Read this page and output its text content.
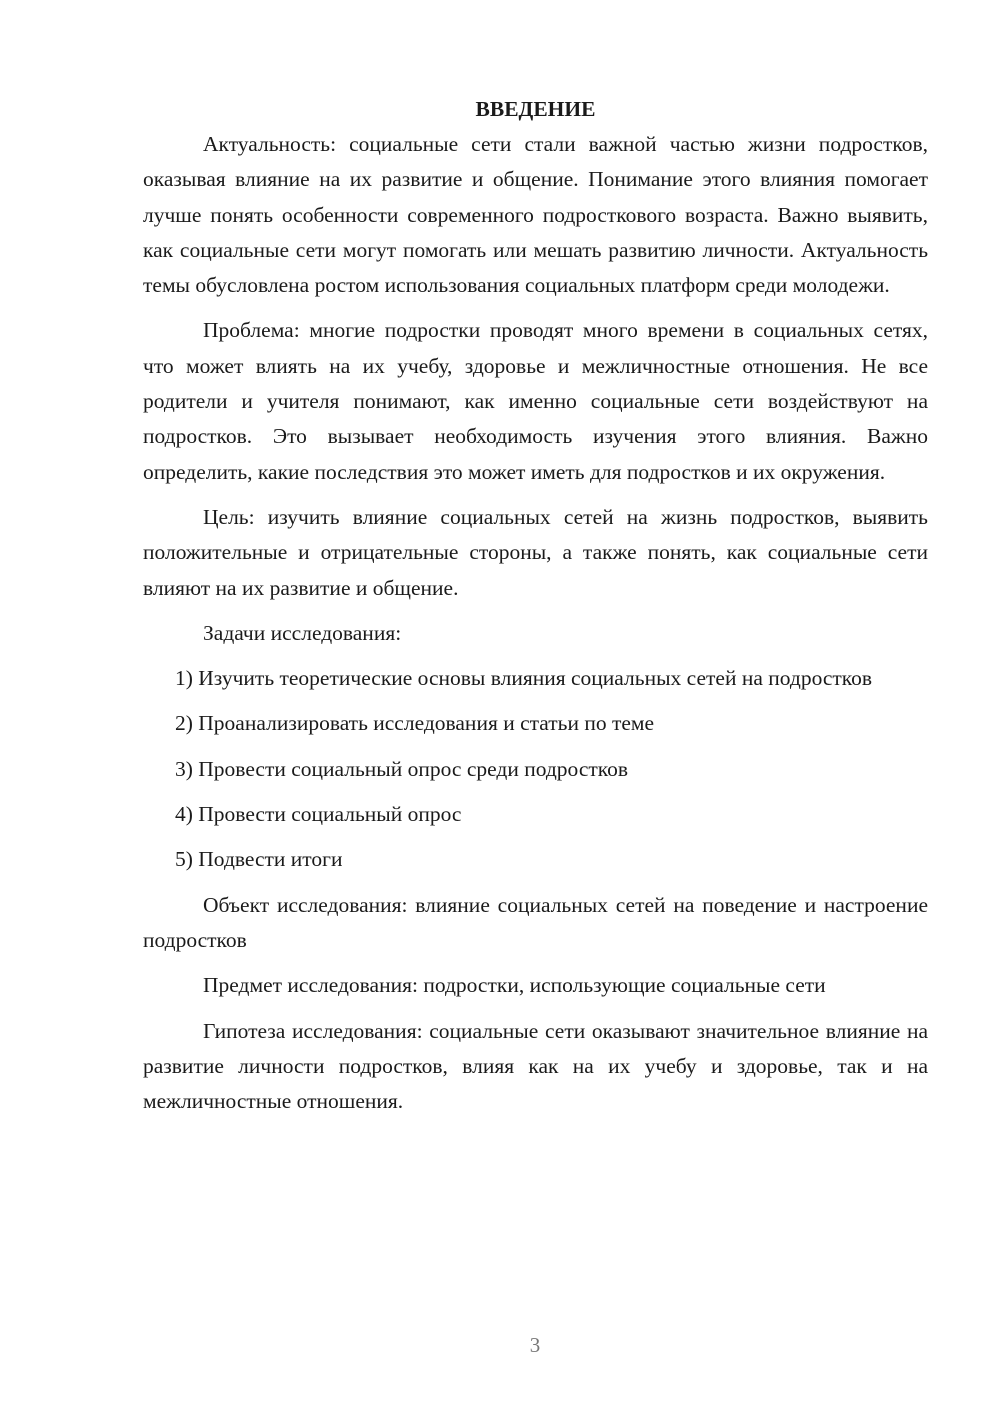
ВВЕДЕНИЕ

Актуальность: социальные сети стали важной частью жизни подростков, оказывая влияние на их развитие и общение. Понимание этого влияния помогает лучше понять особенности современного подросткового возраста. Важно выявить, как социальные сети могут помогать или мешать развитию личности. Актуальность темы обусловлена ростом использования социальных платформ среди молодежи.

Проблема: многие подростки проводят много времени в социальных сетях, что может влиять на их учебу, здоровье и межличностные отношения. Не все родители и учителя понимают, как именно социальные сети воздействуют на подростков. Это вызывает необходимость изучения этого влияния. Важно определить, какие последствия это может иметь для подростков и их окружения.

Цель: изучить влияние социальных сетей на жизнь подростков, выявить положительные и отрицательные стороны, а также понять, как социальные сети влияют на их развитие и общение.

Задачи исследования:

1) Изучить теоретические основы влияния социальных сетей на подростков

2) Проанализировать исследования и статьи по теме

3) Провести социальный опрос среди подростков

4) Провести социальный опрос

5) Подвести итоги

Объект исследования: влияние социальных сетей на поведение и настроение подростков

Предмет исследования: подростки, использующие социальные сети

Гипотеза исследования: социальные сети оказывают значительное влияние на развитие личности подростков, влияя как на их учебу и здоровье, так и на межличностные отношения.

3
